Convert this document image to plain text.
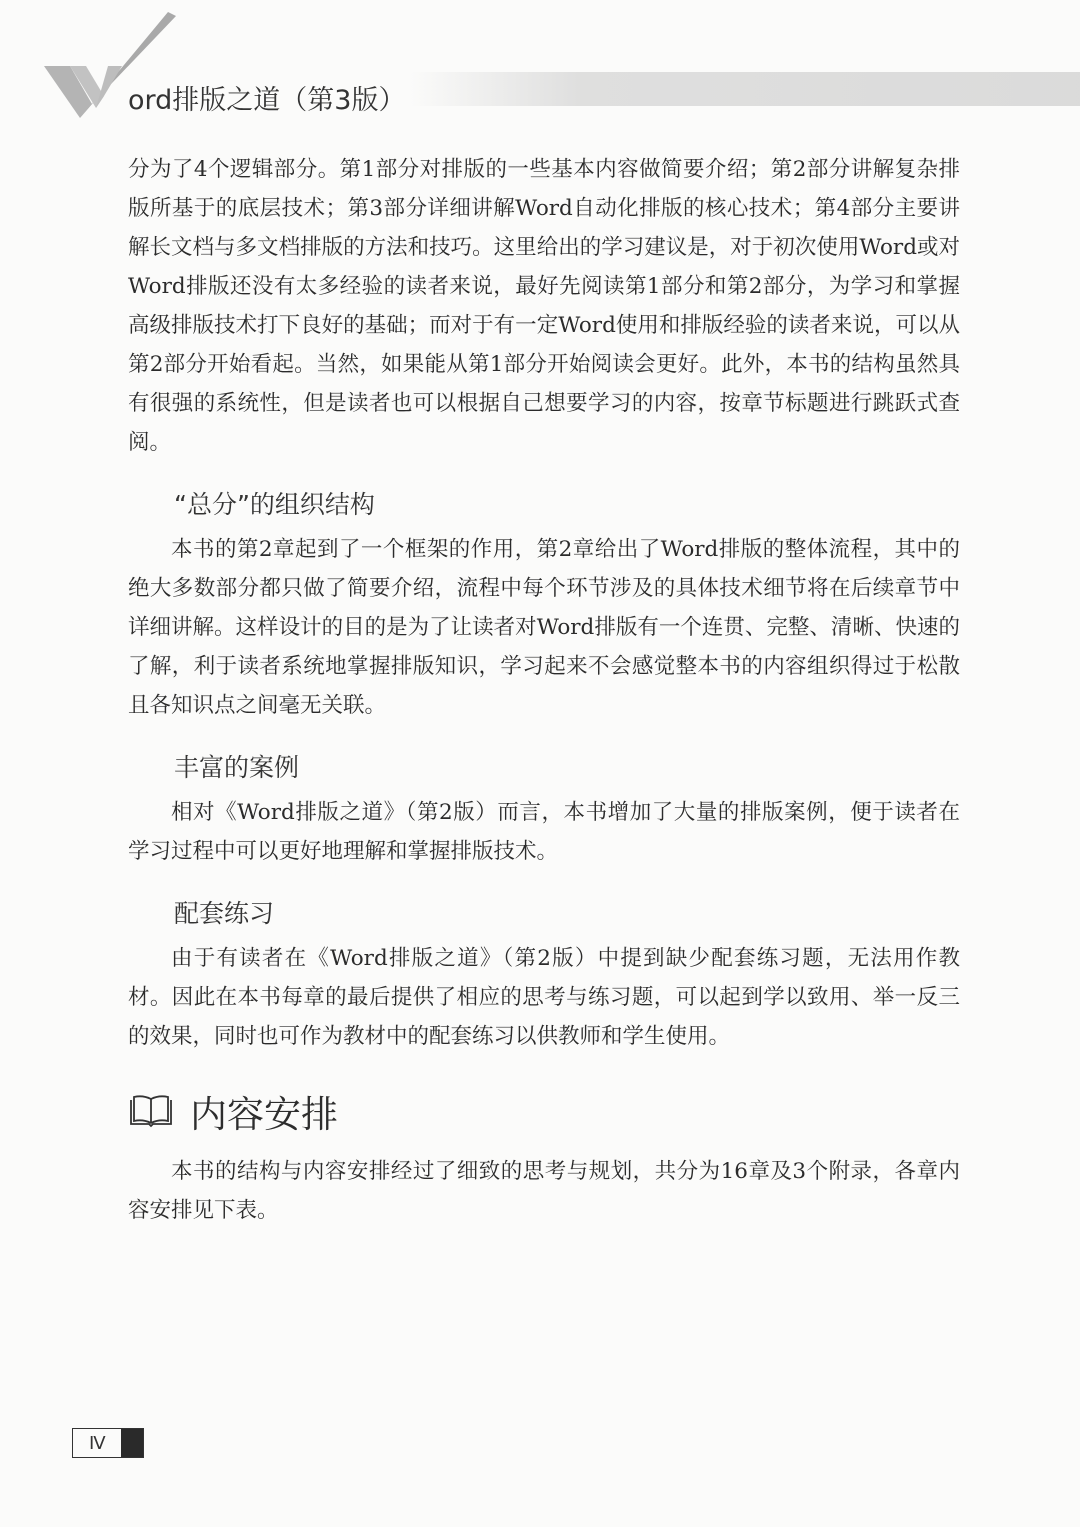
ord排版之道（第3版）

分为了4个逻辑部分。第1部分对排版的一些基本内容做简要介绍；第2部分讲解复杂排版所基于的底层技术；第3部分详细讲解Word自动化排版的核心技术；第4部分主要讲解长文档与多文档排版的方法和技巧。这里给出的学习建议是，对于初次使用Word或对Word排版还没有太多经验的读者来说，最好先阅读第1部分和第2部分，为学习和掌握高级排版技术打下良好的基础；而对于有一定Word使用和排版经验的读者来说，可以从第2部分开始看起。当然，如果能从第1部分开始阅读会更好。此外，本书的结构虽然具有很强的系统性，但是读者也可以根据自己想要学习的内容，按章节标题进行跳跃式查阅。

“总分”的组织结构

本书的第2章起到了一个框架的作用，第2章给出了Word排版的整体流程，其中的绝大多数部分都只做了简要介绍，流程中每个环节涉及的具体技术细节将在后续章节中详细讲解。这样设计的目的是为了让读者对Word排版有一个连贯、完整、清晰、快速的了解，利于读者系统地掌握排版知识，学习起来不会感觉整本书的内容组织得过于松散且各知识点之间毫无关联。

丰富的案例

相对《Word排版之道》（第2版）而言，本书增加了大量的排版案例，便于读者在学习过程中可以更好地理解和掌握排版技术。

配套练习

由于有读者在《Word排版之道》（第2版）中提到缺少配套练习题，无法用作教材。因此在本书每章的最后提供了相应的思考与练习题，可以起到学以致用、举一反三的效果，同时也可作为教材中的配套练习以供教师和学生使用。

内容安排

本书的结构与内容安排经过了细致的思考与规划，共分为16章及3个附录，各章内容安排见下表。

Ⅳ
